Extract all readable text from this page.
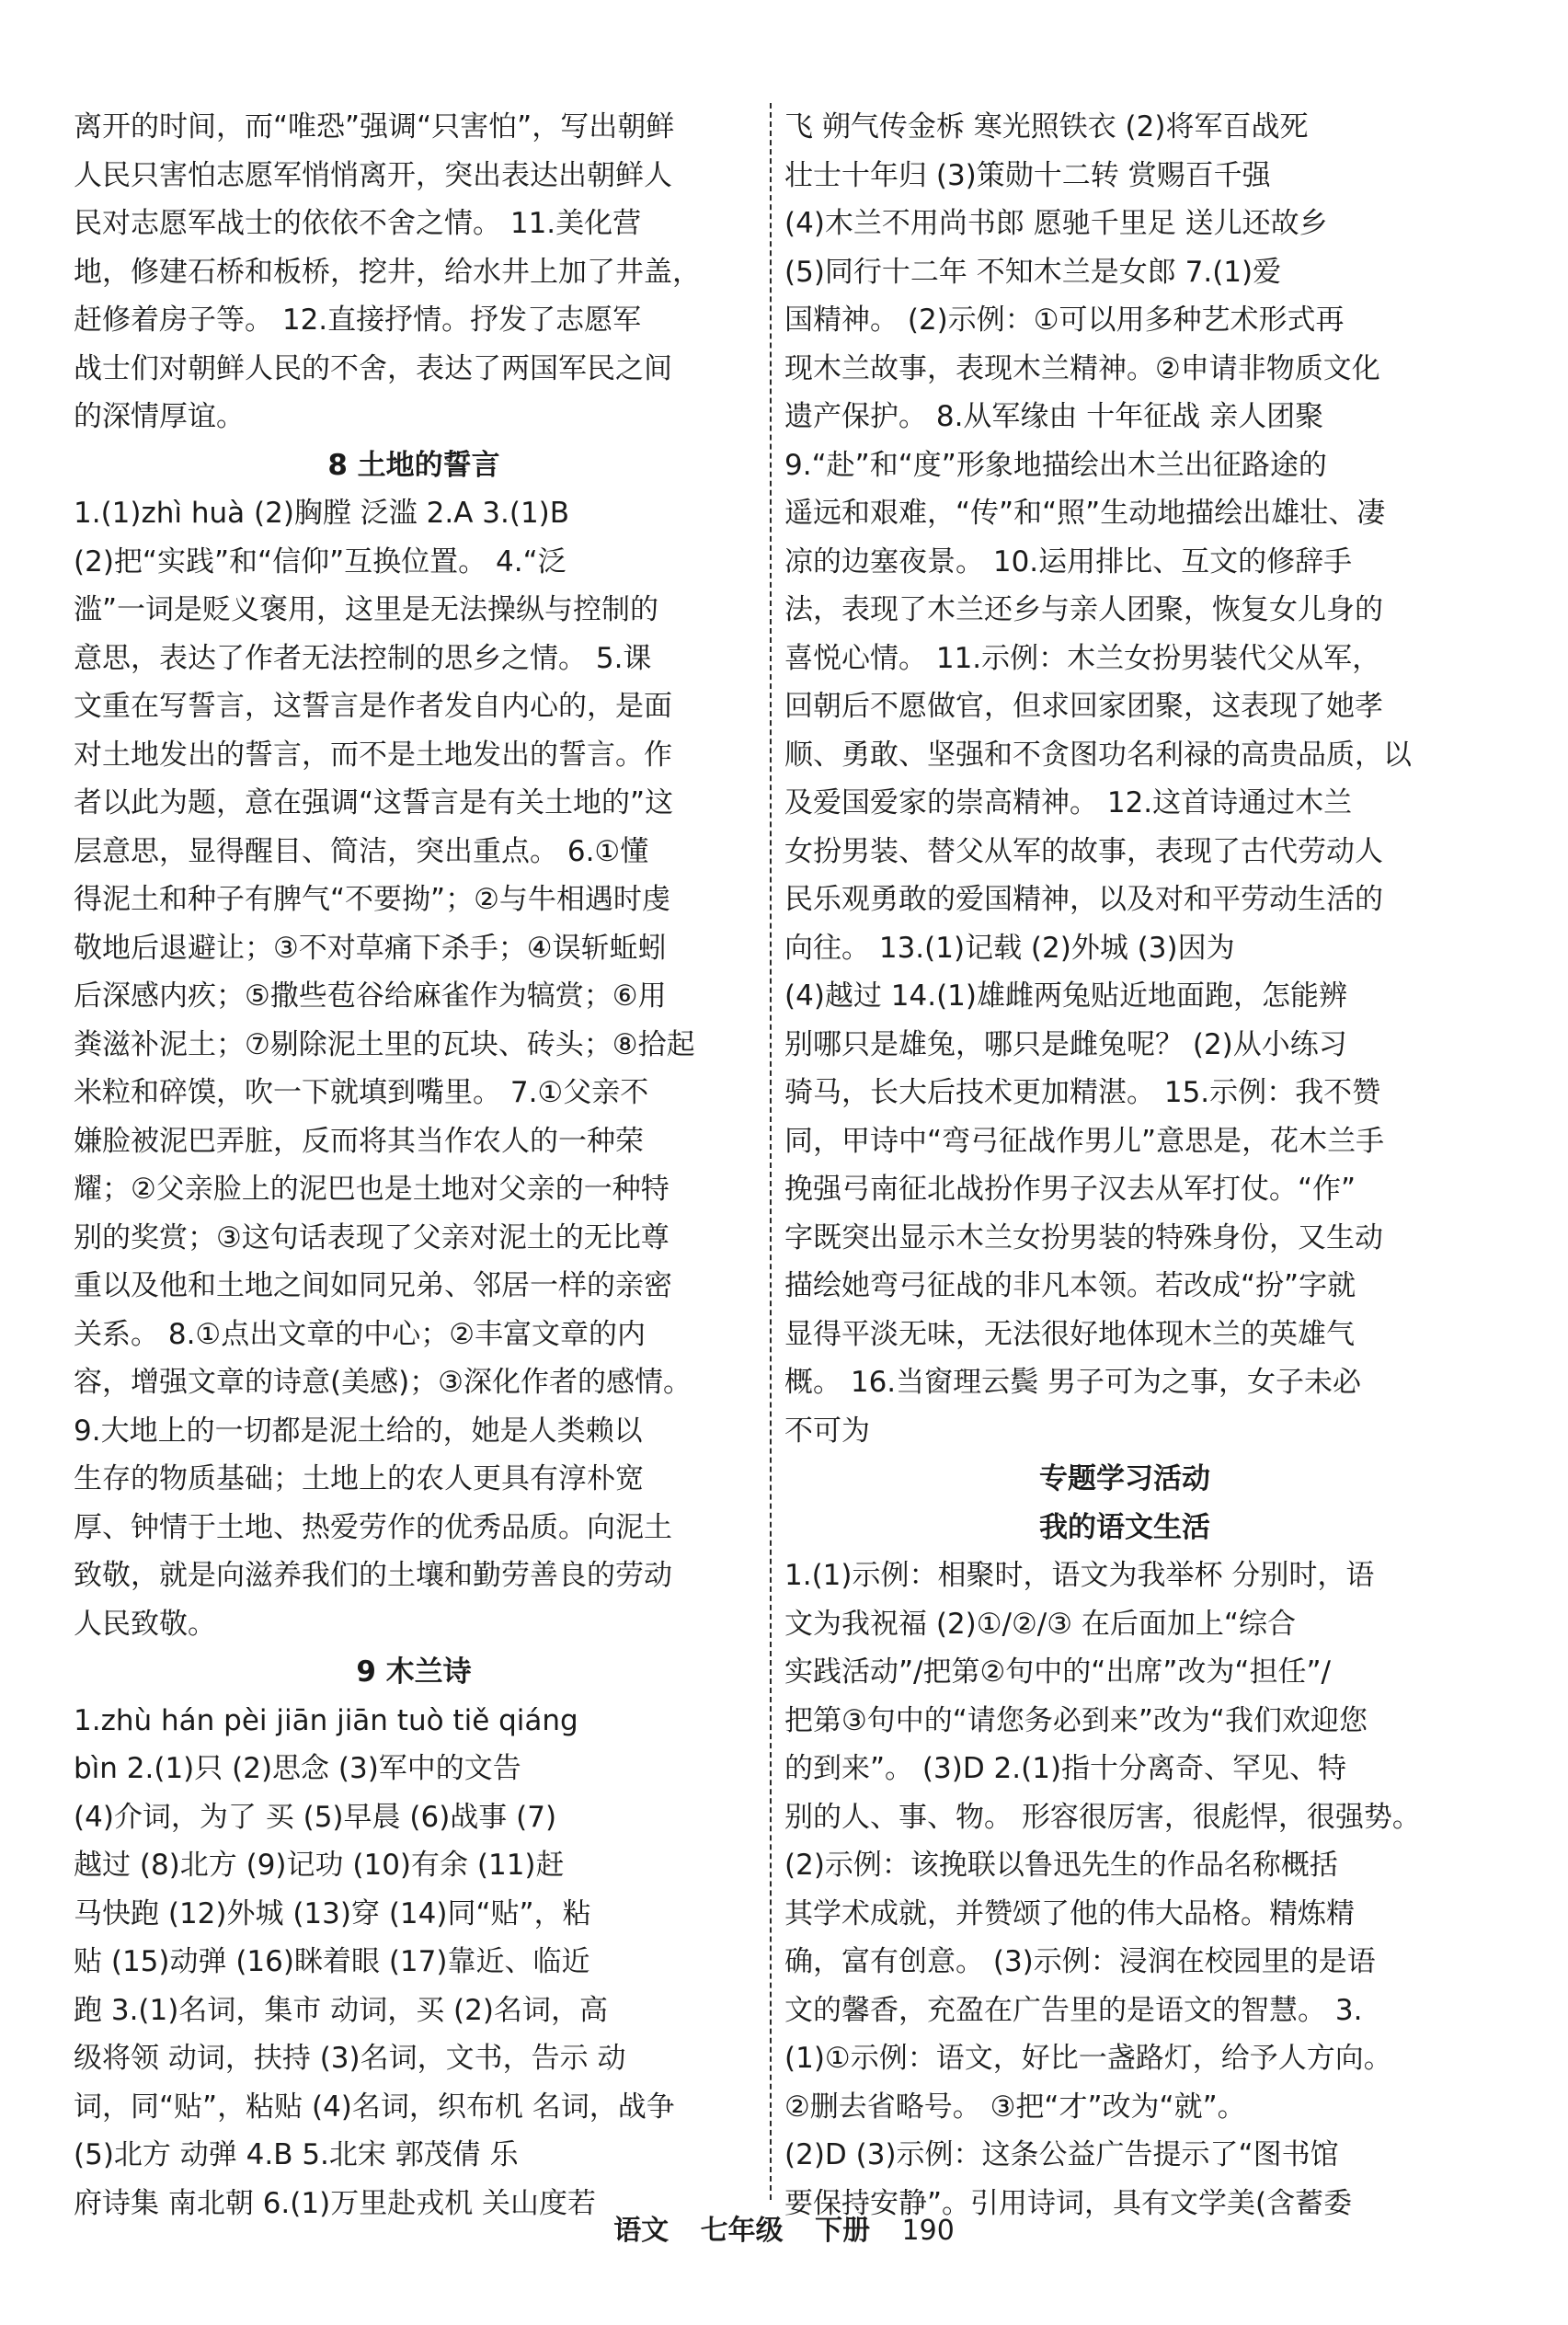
离开的时间，而“唯恐”强调“只害怕”，写出朝鲜
人民只害怕志愿军悄悄离开，突出表达出朝鲜人
民对志愿军战士的依依不舍之情。 11.美化营
地，修建石桥和板桥，挖井，给水井上加了井盖，
赶修着房子等。 12.直接抒情。抒发了志愿军
战士们对朝鲜人民的不舍，表达了两国军民之间
的深情厚谊。
8 土地的誓言
1.(1)zhì huà (2)胸膛 泛滥 2.A 3.(1)B
(2)把“实践”和“信仰”互换位置。 4.“泛
滥”一词是贬义褒用，这里是无法操纵与控制的
意思，表达了作者无法控制的思乡之情。 5.课
文重在写誓言，这誓言是作者发自内心的，是面
对土地发出的誓言，而不是土地发出的誓言。作
者以此为题，意在强调“这誓言是有关土地的”这
层意思，显得醒目、简洁，突出重点。 6.①懂
得泥土和种子有脾气“不要拗”；②与牛相遇时虔
敬地后退避让；③不对草痛下杀手；④误斩蚯蚓
后深感内疚；⑤撒些苞谷给麻雀作为犒赏；⑥用
粪滋补泥土；⑦剔除泥土里的瓦块、砖头；⑧拾起
米粒和碎馍，吹一下就填到嘴里。 7.①父亲不
嫌脸被泥巴弄脏，反而将其当作农人的一种荣
耀；②父亲脸上的泥巴也是土地对父亲的一种特
别的奖赏；③这句话表现了父亲对泥土的无比尊
重以及他和土地之间如同兄弟、邻居一样的亲密
关系。 8.①点出文章的中心；②丰富文章的内
容，增强文章的诗意(美感)；③深化作者的感情。
9.大地上的一切都是泥土给的，她是人类赖以
生存的物质基础；土地上的农人更具有淳朴宽
厚、钟情于土地、热爱劳作的优秀品质。向泥土
致敬，就是向滋养我们的土壤和勤劳善良的劳动
人民致敬。
9 木兰诗
1.zhù hán pèi jiān jiān tuò tiě qiáng
bìn 2.(1)只 (2)思念 (3)军中的文告
(4)介词，为了 买 (5)早晨 (6)战事 (7)
越过 (8)北方 (9)记功 (10)有余 (11)赶
马快跑 (12)外城 (13)穿 (14)同“贴”，粘
贴 (15)动弹 (16)眯着眼 (17)靠近、临近
跑 3.(1)名词，集市 动词，买 (2)名词，高
级将领 动词，扶持 (3)名词，文书，告示 动
词，同“贴”，粘贴 (4)名词，织布机 名词，战争
(5)北方 动弹 4.B 5.北宋 郭茂倩 乐
府诗集 南北朝 6.(1)万里赴戎机 关山度若
飞 朔气传金柝 寒光照铁衣 (2)将军百战死
壮士十年归 (3)策勋十二转 赏赐百千强
(4)木兰不用尚书郎 愿驰千里足 送儿还故乡
(5)同行十二年 不知木兰是女郎 7.(1)爱
国精神。 (2)示例：①可以用多种艺术形式再
现木兰故事，表现木兰精神。②申请非物质文化
遗产保护。 8.从军缘由 十年征战 亲人团聚
9.“赴”和“度”形象地描绘出木兰出征路途的
遥远和艰难，“传”和“照”生动地描绘出雄壮、凄
凉的边塞夜景。 10.运用排比、互文的修辞手
法，表现了木兰还乡与亲人团聚，恢复女儿身的
喜悦心情。 11.示例：木兰女扮男装代父从军，
回朝后不愿做官，但求回家团聚，这表现了她孝
顺、勇敢、坚强和不贪图功名利禄的高贵品质，以
及爱国爱家的崇高精神。 12.这首诗通过木兰
女扮男装、替父从军的故事，表现了古代劳动人
民乐观勇敢的爱国精神，以及对和平劳动生活的
向往。 13.(1)记载 (2)外城 (3)因为
(4)越过 14.(1)雄雌两兔贴近地面跑，怎能辨
别哪只是雄兔，哪只是雌兔呢？ (2)从小练习
骑马，长大后技术更加精湛。 15.示例：我不赞
同，甲诗中“弯弓征战作男儿”意思是，花木兰手
挽强弓南征北战扮作男子汉去从军打仗。“作”
字既突出显示木兰女扮男装的特殊身份，又生动
描绘她弯弓征战的非凡本领。若改成“扮”字就
显得平淡无味，无法很好地体现木兰的英雄气
概。 16.当窗理云鬓 男子可为之事，女子未必
不可为
专题学习活动
我的语文生活
1.(1)示例：相聚时，语文为我举杯 分别时，语
文为我祝福 (2)①/②/③ 在后面加上“综合
实践活动”/把第②句中的“出席”改为“担任”/
把第③句中的“请您务必到来”改为“我们欢迎您
的到来”。 (3)D 2.(1)指十分离奇、罕见、特
别的人、事、物。 形容很厉害，很彪悍，很强势。
(2)示例：该挽联以鲁迅先生的作品名称概括
其学术成就，并赞颂了他的伟大品格。精炼精
确，富有创意。 (3)示例：浸润在校园里的是语
文的馨香，充盈在广告里的是语文的智慧。 3.
(1)①示例：语文，好比一盏路灯，给予人方向。
②删去省略号。 ③把“才”改为“就”。
(2)D (3)示例：这条公益广告提示了“图书馆
要保持安静”。引用诗词，具有文学美(含蓄委
语文 七年级 下册 190
